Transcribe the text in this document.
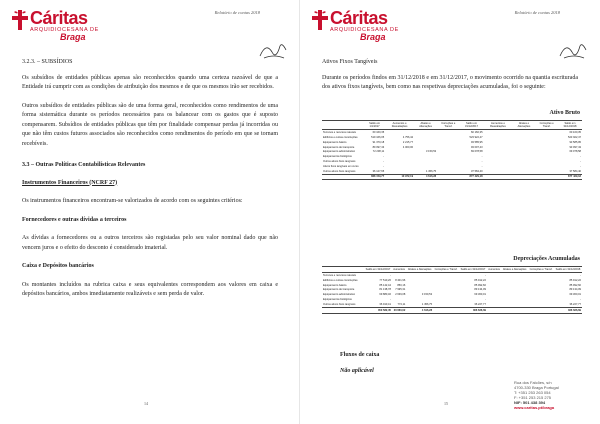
Cáritas
ARQUIDIOCESANA DE
Braga
Relatório de contas 2018
3.2.3. – SUBSÍDIOS

Os subsídios de entidades públicas apenas são reconhecidos quando uma certeza razoável de que a Entidade irá cumprir com as condições de atribuição dos mesmos e de que os mesmos irão ser recebidos.

Outros subsídios de entidades públicas são de uma forma geral, reconhecidos como rendimentos de uma forma sistemática durante os períodos necessários para os balancear com os gastos que é suposto compensarem. Subsídios de entidades públicas que têm por finalidade compensar perdas já incorridas ou que não têm custos futuros associados são reconhecidos como rendimentos do período em que se tornam recebíveis.

3.3 – Outras Políticas Contabilísticas Relevantes
Instrumentos Financeiros (NCRF 27)

Os instrumentos financeiros encontram-se valorizados de acordo com os seguintes critérios:

Fornecedores e outras dívidas a terceiros

As dívidas a fornecedores ou a outros terceiros são registadas pelo seu valor nominal dado que não vencem juros e o efeito do desconto é considerado imaterial.

Caixa e Depósitos bancários

Os montantes incluídos na rubrica caixa e seus equivalentes correspondem aos valores em caixa e depósitos bancários, ambos imediatamente realizáveis e sem perda de valor.

14
Cáritas
ARQUIDIOCESANA DE
Braga
Relatório de contas 2018
Ativos Fixos Tangíveis

Durante os períodos findos em 31/12/2018 e em 31/12/2017, o movimento ocorrido na quantia escriturada dos ativos fixos tangíveis, bem como nas respetivas depreciações acumuladas, foi o seguinte:

Ativo Bruto
	Saldo em 1/1/2017	Aumentos e Reavaliações	Abates e Alienações	Correções e Transf.	Saldo em 31/12/2017	Aumentos e Reavaliações	Abates e Alienações	Correções e Transf.	Saldo em 31/12/2018
Terrenos e recursos naturais	60 160,35				60 160,35				60 160,35
Edifícios e outras construções	519 166,05	4 756,42			523 922,47				523 922,47
Equipamento básico	91 370,18	2 215,77			93 585,95				93 585,95
Equipamento de transporte	89 097,43	4 000,00			93 097,43				93 097,43
Equipamento administrativo	72 238,11		3 159,53		69 078,58				69 078,58
Equipamentos biológicos	-				-				-
Outros ativos fixos tangíveis	-				-				-
Ativos fixos tangíveis em curso	-				-				-
Outros ativos fixos tangíveis	36 127,65		1 456,75		37 584,40				37 584,40
	868 159,77	10 972,19	4 616,28		877 429,18				877 429,18
Depreciações Acumuladas
	Saldo em 31/12/2017	Aumentos	Abates e Alienações	Correções e Transf.	Saldo em 31/12/2017	Aumentos	Abates e Alienações	Correções e Transf.	Saldo em 31/12/2018
Terrenos e recursos naturais	-				-				-
Edifícios e outras construções	77 510,26	8 401,96			85 912,22				85 912,22
Equipamento básico	85 142,44	850,16			85 992,60				85 992,60
Equipamento de transporte	81 138,78	7 995,31			89 134,09				89 134,09
Equipamento administrativo	69 880,46	2 639,08	3 159,53		69 360,01				69 360,01
Equipamentos biológicos	-				-				-
Outros ativos fixos tangíveis	36 910,41	774,11	1 456,75		36 227,77				36 227,77
	350 582,35	20 660,62	4 616,28		366 626,69				366 626,69
Fluxos de caixa
Não aplicável
15
Rua dos Falcões, s/n
4700-330 Braga Portugal
T: +351 253 263 054
F: +351 253 215 275
NIF: 501 438 394
www.caritas.pt/braga
